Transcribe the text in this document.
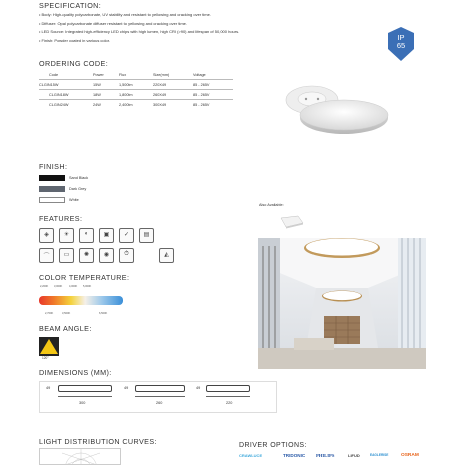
SPECIFICATION:
• Body: High-quality polycarbonate, UV stability and resistant to yellowing and cracking over time.
• Diffuser: Opal polycarbonate diffuser resistant to yellowing and cracking over time.
• LED Source: Integrated high-efficiency LED chips with high lumen, high CRI (>90) and lifespan of 50,000 hours.
• Finish: Powder coated in various color.	IP
65
ORDERING CODE:
Code	Power	Flux	Size(mm)	Voltage
CLGIN15W	15W	1,500lm	220X49	85 - 265V
CLGIN18W	18W	1,800lm	260X49	85 - 265V
CLGIN24W	24W	2,400lm	300X49	85 - 265V
FINISH:
Sand Black
Dark Grey
White
Also Available:
FEATURES:
◈	☀	◐	▣	✓	▤
⌒	▭	✺	◉	⏱	◭
COLOR TEMPERATURE:
2,200K 3,000K	4,000K 5,000K
2,700K	3,500K	6,500K
BEAM ANGLE:
120°
DIMENSIONS (MM):
49
300
49
260
49
220
LIGHT DISTRIBUTION CURVES:	DRIVER OPTIONS:
CRAWLUCE	TRIDONIC PHILIPS	LIFUD	EAGLERISE	OSRAM
